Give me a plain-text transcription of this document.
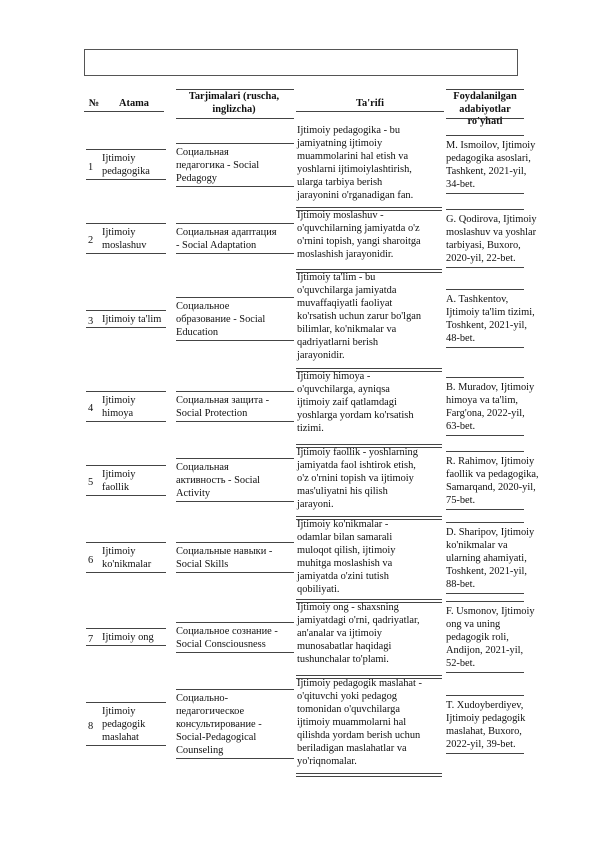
№	Atama
Tarjimalari (ruscha,
inglizcha)	Ta'rifi
Foydalanilgan
adabiyotlar ro'yhati
Ijtimoiy pedagogika - bu
jamiyatning ijtimoiy
muammolarini hal etish va
yoshlarni ijtimoiylashtirish,
ularga tarbiya berish
jarayonini o'rganadigan fan.
M. Ismoilov, Ijtimoiy
pedagogika asoslari,
Tashkent, 2021-yil,
34-bet.
Социальная
педагогика - Social
Pedagogy
Ijtimoiy
pedagogika
1
Ijtimoiy moslashuv -
o'quvchilarning jamiyatda o'z
o'rnini topish, yangi sharoitga
moslashish jarayonidir.
G. Qodirova, Ijtimoiy
moslashuv va yoshlar
tarbiyasi, Buxoro,
2020-yil, 22-bet.
Социальная адаптация
- Social Adaptation
Ijtimoiy
moslashuv
2
Ijtimoiy ta'lim - bu
o'quvchilarga jamiyatda
muvaffaqiyatli faoliyat
ko'rsatish uchun zarur bo'lgan
bilimlar, ko'nikmalar va
qadriyatlarni berish
jarayonidir.
A. Tashkentov,
Ijtimoiy ta'lim tizimi,
Toshkent, 2021-yil,
48-bet.
Социальное
образование - Social
Education
Ijtimoiy ta'lim
3
Ijtimoiy himoya -
o'quvchilarga, ayniqsa
ijtimoiy zaif qatlamdagi
yoshlarga yordam ko'rsatish
tizimi.
B. Muradov, Ijtimoiy
himoya va ta'lim,
Farg'ona, 2022-yil,
63-bet.
Социальная защита -
Social Protection
Ijtimoiy
himoya
4
Ijtimoiy faollik - yoshlarning
jamiyatda faol ishtirok etish,
o'z o'rnini topish va ijtimoiy
mas'uliyatni his qilish
jarayoni.
R. Rahimov, Ijtimoiy
faollik va pedagogika,
Samarqand, 2020-yil,
75-bet.
Социальная
активность - Social
Activity
Ijtimoiy
faollik
5
Ijtimoiy ko'nikmalar -
odamlar bilan samarali
muloqot qilish, ijtimoiy
muhitga moslashish va
jamiyatda o'zini tutish
qobiliyati.
D. Sharipov, Ijtimoiy
ko'nikmalar va
ularning ahamiyati,
Toshkent, 2021-yil,
88-bet.
Социальные навыки -
Social Skills
Ijtimoiy
ko'nikmalar
6
Ijtimoiy ong - shaxsning
jamiyatdagi o'rni, qadriyatlar,
an'analar va ijtimoiy
munosabatlar haqidagi
tushunchalar to'plami.
F. Usmonov, Ijtimoiy
ong va uning
pedagogik roli,
Andijon, 2021-yil,
52-bet.
Социальное сознание -
Social Consciousness
Ijtimoiy ong
7
Ijtimoiy pedagogik maslahat -
o'qituvchi yoki pedagog
tomonidan o'quvchilarga
ijtimoiy muammolarni hal
qilishda yordam berish uchun
beriladigan maslahatlar va
yo'riqnomalar.
T. Xudoyberdiyev,
Ijtimoiy pedagogik
maslahat, Buxoro,
2022-yil, 39-bet.
Социально-
педагогическое
консультирование -
Social-Pedagogical
Counseling
Ijtimoiy
pedagogik
maslahat
8
